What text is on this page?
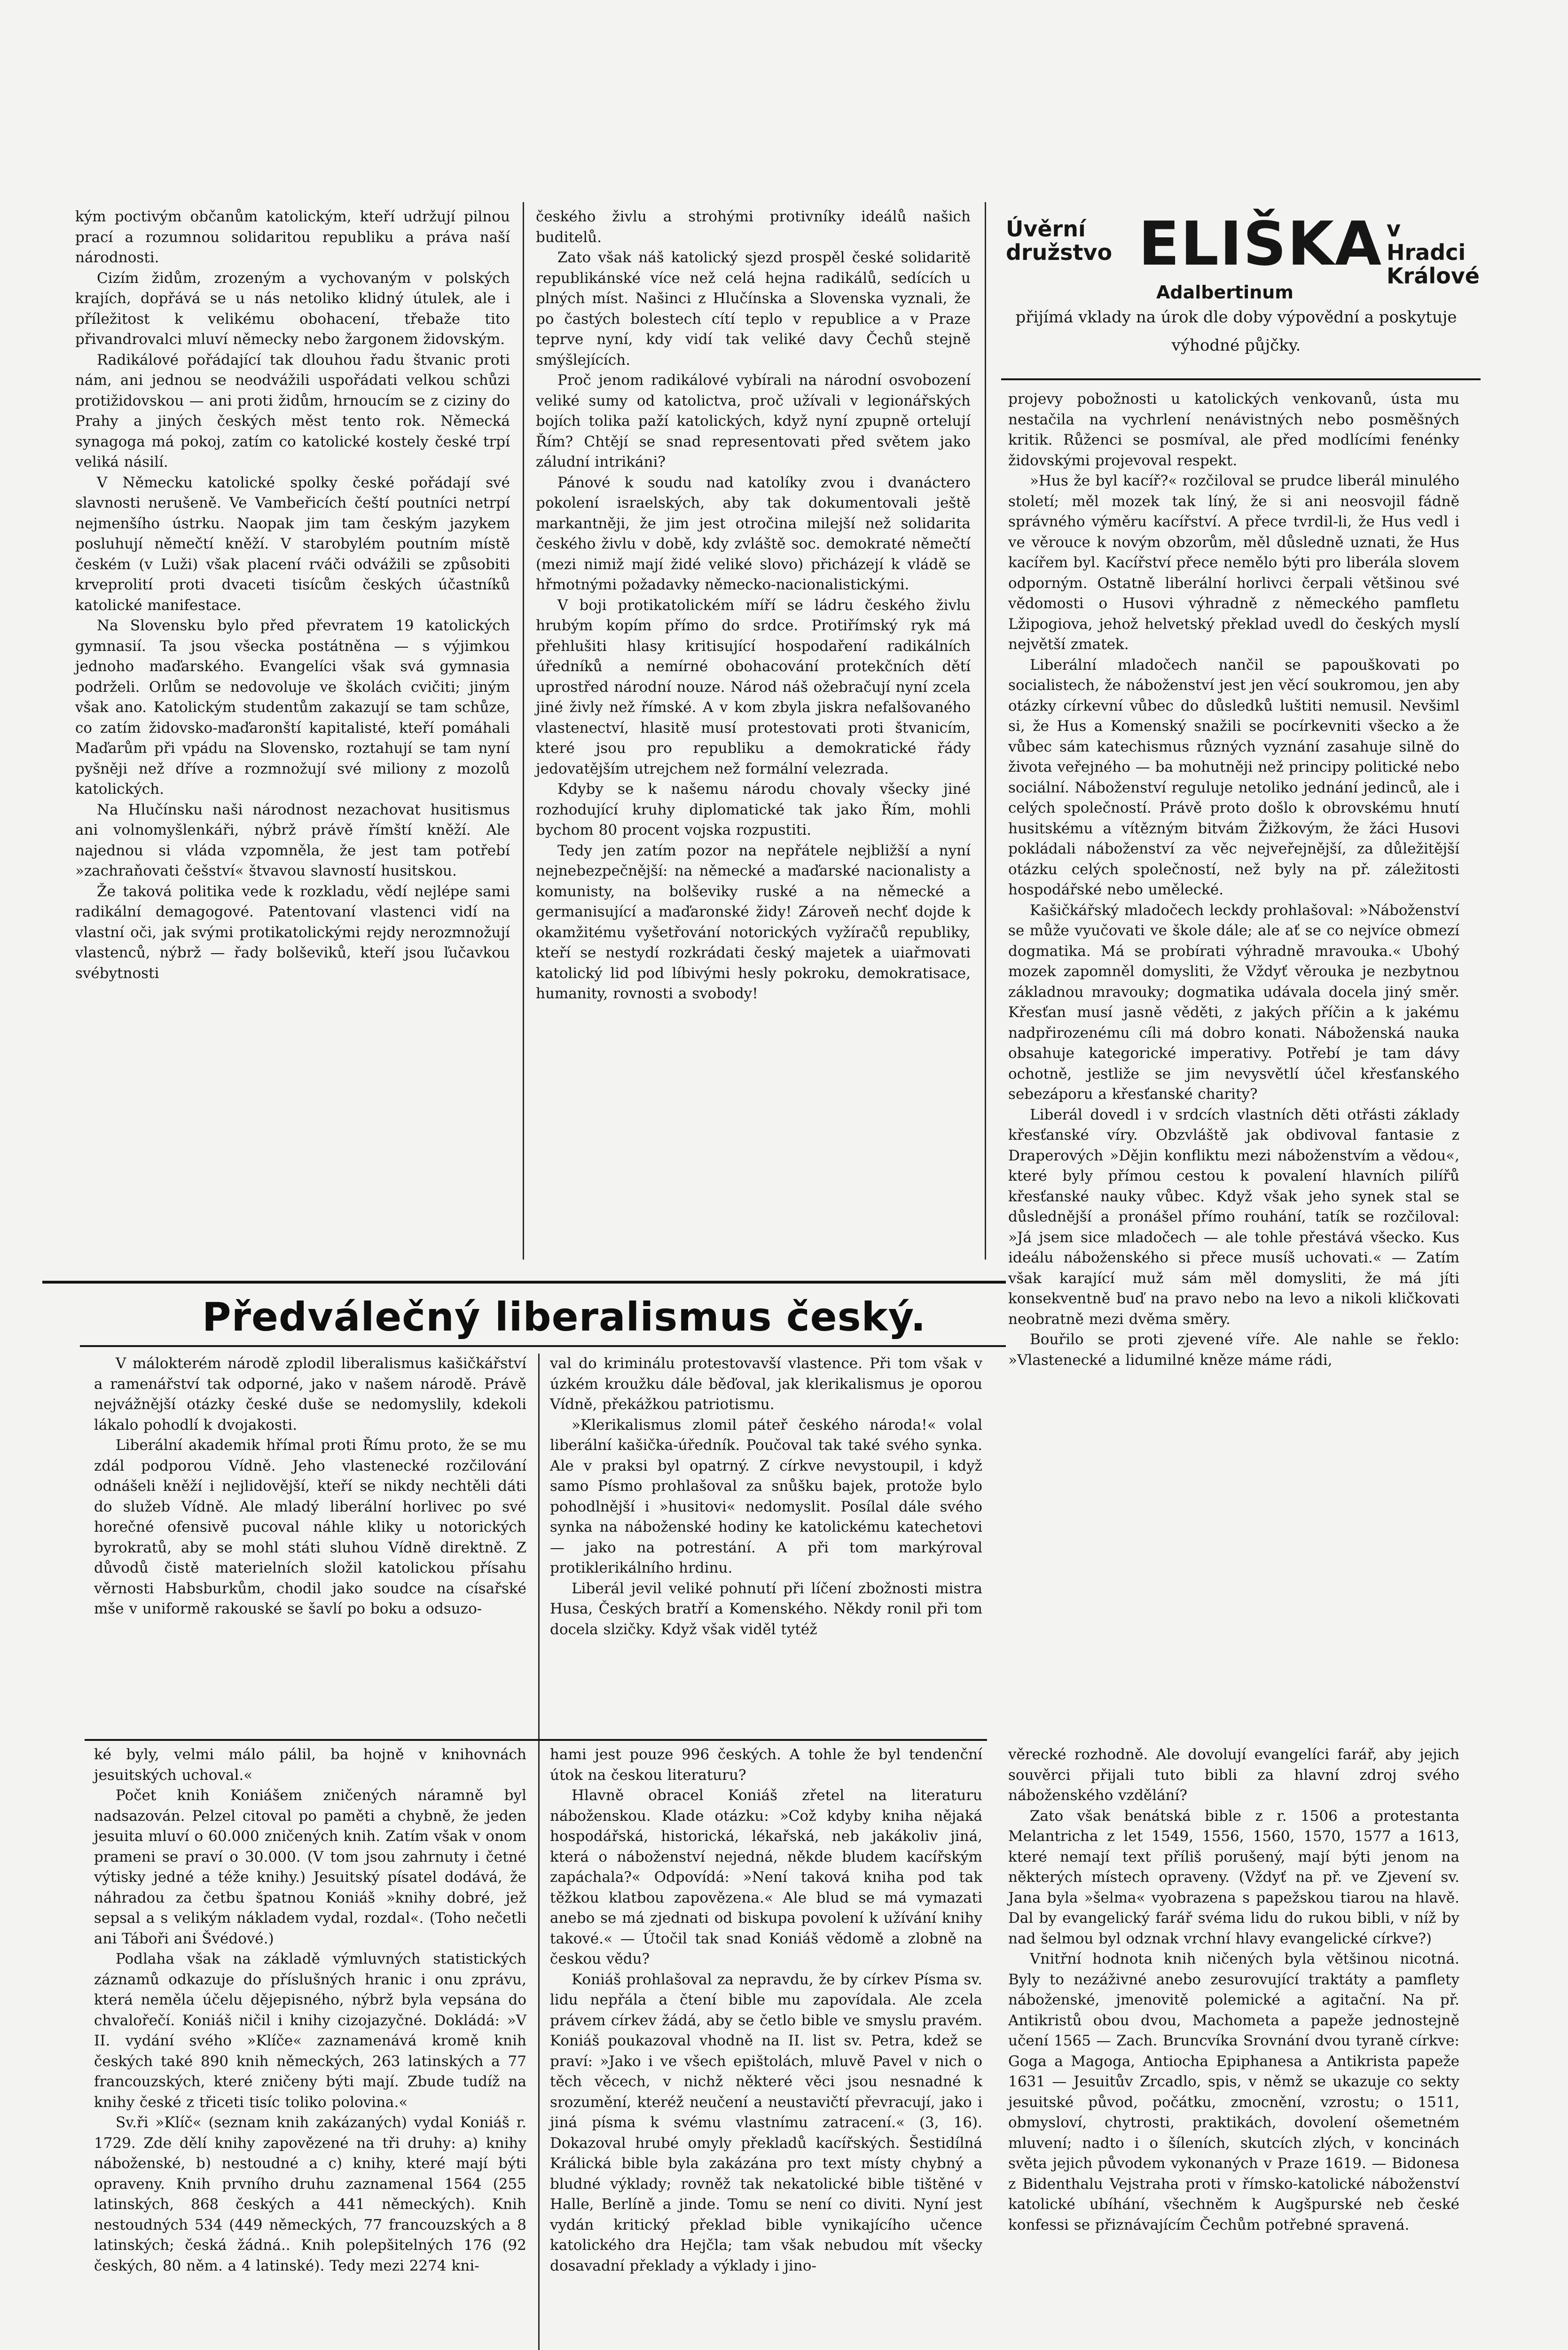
kým poctivým občanům katolickým, kteří udržují pilnou prací a rozumnou solidaritou republiku a práva naší národnosti.

Cizím židům, zrozeným a vychovaným v polských krajích, dopřává se u nás netoliko klidný útulek, ale i příležitost k velikému obohacení, třebaže tito přivandrovalci mluví německy nebo žargonem židovským.

Radikálové pořádající tak dlouhou řadu štvanic proti nám, ani jednou se neodvážili uspořádati velkou schůzi protižidovskou — ani proti židům, hrnoucím se z ciziny do Prahy a jiných českých měst tento rok. Německá synagoga má pokoj, zatím co katolické kostely české trpí veliká násilí.

V Německu katolické spolky české pořádají své slavnosti nerušeně. Ve Vambeřicích čeští poutníci netrpí nejmenšího ústrku. Naopak jim tam českým jazykem posluhují němečtí kněží. V starobylém poutním místě českém (v Luži) však placení rváči odvážili se způsobiti krveprolití proti dvaceti tisícům českých účastníků katolické manifestace.

Na Slovensku bylo před převratem 19 katolických gymnasií. Ta jsou všecka postátněna — s výjimkou jednoho maďarského. Evangelíci však svá gymnasia podrželi. Orlům se nedovoluje ve školách cvičiti; jiným však ano. Katolickým studentům zakazují se tam schůze, co zatím židovsko-maďaronští kapitalisté, kteří pomáhali Maďarům při vpádu na Slovensko, roztahují se tam nyní pyšněji než dříve a rozmnožují své miliony z mozolů katolických.

Na Hlučínsku naši národnost nezachovat husitismus ani volnomyšlenkáři, nýbrž právě římští kněží. Ale najednou si vláda vzpomněla, že jest tam potřebí »zachraňovati češství« štvavou slavností husitskou.

Že taková politika vede k rozkladu, vědí nejlépe sami radikální demagogové. Patentovaní vlastenci vidí na vlastní oči, jak svými protikatolickými rejdy nerozmnožují vlastenců, nýbrž — řady bolševiků, kteří jsou ľučavkou svébytnosti

českého živlu a strohými protivníky ideálů našich buditelů.

Zato však náš katolický sjezd prospěl české solidaritě republikánské více než celá hejna radikálů, sedících u plných míst. Našinci z Hlučínska a Slovenska vyznali, že po častých bolestech cítí teplo v republice a v Praze teprve nyní, kdy vidí tak veliké davy Čechů stejně smýšlejících.

Proč jenom radikálové vybírali na národní osvobození veliké sumy od katolictva, proč užívali v legionářských bojích tolika paží katolických, když nyní zpupně ortelují Řím? Chtějí se snad representovati před světem jako záludní intrikáni?

Pánové k soudu nad katolíky zvou i dvanáctero pokolení israelských, aby tak dokumentovali ještě markantněji, že jim jest otročina milejší než solidarita českého živlu v době, kdy zvláště soc. demokraté němečtí (mezi nimiž mají židé veliké slovo) přicházejí k vládě se hřmotnými požadavky německo-nacionalistickými.

V boji protikatolickém míří se ládru českého živlu hrubým kopím přímo do srdce. Protiřímský ryk má přehlušiti hlasy kritisující hospodaření radikálních úředníků a nemírné obohacování protekčních dětí uprostřed národní nouze. Národ náš ožebračují nyní zcela jiné živly než římské. A v kom zbyla jiskra nefalšovaného vlastenectví, hlasitě musí protestovati proti štvanicím, které jsou pro republiku a demokratické řády jedovatějším utrejchem než formální velezrada.

Kdyby se k našemu národu chovaly všecky jiné rozhodující kruhy diplomatické tak jako Řím, mohli bychom 80 procent vojska rozpustiti.

Tedy jen zatím pozor na nepřátele nejbližší a nyní nejnebezpečnější: na německé a maďarské nacionalisty a komunisty, na bolševiky ruské a na německé a germanisující a maďaronské židy! Zároveň nechť dojde k okamžitému vyšetřování notorických vyžíračů republiky, kteří se nestydí rozkrádati český majetek a uiařmovati katolický lid pod líbivými hesly pokroku, demokratisace, humanity, rovnosti a svobody!

Úvěrní
družstvo ELIŠKA v Hradci
Králové
Adalbertinum
přijímá vklady na úrok dle doby výpovědní a poskytuje výhodné půjčky.

projevy pobožnosti u katolických venkovanů, ústa mu nestačila na vychrlení nenávistných nebo posměšných kritik. Růženci se posmíval, ale před modlícími fenénky židovskými projevoval respekt.

»Hus že byl kacíř?« rozčiloval se prudce liberál minulého století; měl mozek tak líný, že si ani neosvojil fádně správného výměru kacířství. A přece tvrdil-li, že Hus vedl i ve věrouce k novým obzorům, měl důsledně uznati, že Hus kacířem byl. Kacířství přece nemělo býti pro liberála slovem odporným. Ostatně liberální horlivci čerpali většinou své vědomosti o Husovi výhradně z německého pamfletu Lžipogiova, jehož helvetský překlad uvedl do českých myslí největší zmatek.

Liberální mladočech nančil se papouškovati po socialistech, že náboženství jest jen věcí soukromou, jen aby otázky církevní vůbec do důsledků luštiti nemusil. Nevšiml si, že Hus a Komenský snažili se pocírkevniti všecko a že vůbec sám katechismus různých vyznání zasahuje silně do života veřejného — ba mohutněji než principy politické nebo sociální. Náboženství reguluje netoliko jednání jedinců, ale i celých společností. Právě proto došlo k obrovskému hnutí husitskému a vítězným bitvám Žižkovým, že žáci Husovi pokládali náboženství za věc nejveřejnější, za důležitější otázku celých společností, než byly na př. záležitosti hospodářské nebo umělecké.

Kašičkářský mladočech leckdy prohlašoval: »Náboženství se může vyučovati ve škole dále; ale ať se co nejvíce obmezí dogmatika. Má se probírati výhradně mravouka.« Ubohý mozek zapomněl domysliti, že Vždyť věrouka je nezbytnou základnou mravouky; dogmatika udávala docela jiný směr. Křesťan musí jasně věděti, z jakých příčin a k jakému nadpřirozenému cíli má dobro konati. Náboženská nauka obsahuje kategorické imperativy. Potřebí je tam dávy ochotně, jestliže se jim nevysvětlí účel křesťanského sebezáporu a křesťanské charity?

Liberál dovedl i v srdcích vlastních děti otřásti základy křesťanské víry. Obzvláště jak obdivoval fantasie z Draperových »Dějin konfliktu mezi náboženstvím a vědou«, které byly přímou cestou k povalení hlavních pilířů křesťanské nauky vůbec. Když však jeho synek stal se důslednější a pronášel přímo rouhání, tatík se rozčiloval: »Já jsem sice mladočech — ale tohle přestává všecko. Kus ideálu náboženského si přece musíš uchovati.« — Zatím však karající muž sám měl domysliti, že má jíti konsekventně buď na pravo nebo na levo a nikoli kličkovati neobratně mezi dvěma směry.

Bouřilo se proti zjevené víře. Ale nahle se řeklo: »Vlastenecké a lidumilné kněze máme rádi,

Předválečný liberalismus český.

V málokterém národě zplodil liberalismus kašičkářství a ramenářství tak odporné, jako v našem národě. Právě nejvážnější otázky české duše se nedomyslily, kdekoli lákalo pohodlí k dvojakosti.

Liberální akademik hřímal proti Římu proto, že se mu zdál podporou Vídně. Jeho vlastenecké rozčilování odnášeli kněží i nejlidovější, kteří se nikdy nechtěli dáti do služeb Vídně. Ale mladý liberální horlivec po své horečné ofensivě pucoval náhle kliky u notorických byrokratů, aby se mohl státi sluhou Vídně direktně. Z důvodů čistě materielních složil katolickou přísahu věrnosti Habsburkům, chodil jako soudce na císařské mše v uniformě rakouské se šavlí po boku a odsuzo-

val do kriminálu protestovavší vlastence. Při tom však v úzkém kroužku dále běďoval, jak klerikalismus je oporou Vídně, překážkou patriotismu.

»Klerikalismus zlomil páteř českého národa!« volal liberální kašička-úředník. Poučoval tak také svého synka. Ale v praksi byl opatrný. Z církve nevystoupil, i když samo Písmo prohlašoval za snůšku bajek, protože bylo pohodlnější i »husitovi« nedomyslit. Posílal dále svého synka na náboženské hodiny ke katolickému katechetovi — jako na potrestání. A při tom markýroval protiklerikálního hrdinu.

Liberál jevil veliké pohnutí při líčení zbožnosti mistra Husa, Českých bratří a Komenského. Někdy ronil při tom docela slzičky. Když však viděl tytéž

ké byly, velmi málo pálil, ba hojně v knihovnách jesuitských uchoval.«

Počet knih Koniášem zničených náramně byl nadsazován. Pelzel citoval po paměti a chybně, že jeden jesuita mluví o 60.000 zničených knih. Zatím však v onom prameni se praví o 30.000. (V tom jsou zahrnuty i četné výtisky jedné a téže knihy.) Jesuitský písatel dodává, že náhradou za četbu špatnou Koniáš »knihy dobré, jež sepsal a s velikým nákladem vydal, rozdal«. (Toho nečetli ani Táboři ani Švédové.)

Podlaha však na základě výmluvných statistických záznamů odkazuje do příslušných hranic i onu zprávu, která neměla účelu dějepisného, nýbrž byla vepsána do chvalořečí. Koniáš ničil i knihy cizojazyčné. Dokládá: »V II. vydání svého »Klíče« zaznamenává kromě knih českých také 890 knih německých, 263 latinských a 77 francouzských, které zničeny býti mají. Zbude tudíž na knihy české z třiceti tisíc toliko polovina.«

Sv.ři »Klíč« (seznam knih zakázaných) vydal Koniáš r. 1729. Zde dělí knihy zapovězené na tři druhy: a) knihy náboženské, b) nestoudné a c) knihy, které mají býti opraveny. Knih prvního druhu zaznamenal 1564 (255 latinských, 868 českých a 441 německých). Knih nestoudných 534 (449 německých, 77 francouzských a 8 latinských; česká žádná.. Knih polepšitelných 176 (92 českých, 80 něm. a 4 latinské). Tedy mezi 2274 kni-

hami jest pouze 996 českých. A tohle že byl tendenční útok na českou literaturu?

Hlavně obracel Koniáš zřetel na literaturu náboženskou. Klade otázku: »Což kdyby kniha nějaká hospodářská, historická, lékařská, neb jakákoliv jiná, která o náboženství nejedná, někde bludem kacířským zapáchala?« Odpovídá: »Není taková kniha pod tak těžkou klatbou zapovězena.« Ale blud se má vymazati anebo se má zjednati od biskupa povolení k užívání knihy takové.« — Útočil tak snad Koniáš vědomě a zlobně na českou vědu?

Koniáš prohlašoval za nepravdu, že by církev Písma sv. lidu nepřála a čtení bible mu zapovídala. Ale zcela právem církev žádá, aby se četlo bible ve smyslu pravém. Koniáš poukazoval vhodně na II. list sv. Petra, kdež se praví: »Jako i ve všech epištolách, mluvě Pavel v nich o těch věcech, v nichž některé věci jsou nesnadné k srozumění, kteréž neučení a neustavičtí převracují, jako i jiná písma k svému vlastnímu zatracení.« (3, 16). Dokazoval hrubé omyly překladů kacířských. Šestidílná Králická bible byla zakázána pro text místy chybný a bludné výklady; rovněž tak nekatolické bible tištěné v Halle, Berlíně a jinde. Tomu se není co diviti. Nyní jest vydán kritický překlad bible vynikajícího učence katolického dra Hejčla; tam však nebudou mít všecky dosavadní překlady a výklady i jino-

věrecké rozhodně. Ale dovolují evangelíci farář, aby jejich souvěrci přijali tuto bibli za hlavní zdroj svého náboženského vzdělání?

Zato však benátská bible z r. 1506 a protestanta Melantricha z let 1549, 1556, 1560, 1570, 1577 a 1613, které nemají text příliš porušený, mají býti jenom na některých místech opraveny. (Vždyť na př. ve Zjevení sv. Jana byla »šelma« vyobrazena s papežskou tiarou na hlavě. Dal by evangelický farář svéma lidu do rukou bibli, v níž by nad šelmou byl odznak vrchní hlavy evangelické církve?)

Vnitřní hodnota knih ničených byla většinou nicotná. Byly to nezáživné anebo zesurovující traktáty a pamflety náboženské, jmenovitě polemické a agitační. Na př. Antikristů obou dvou, Machometa a papeže jednostejně učení 1565 — Zach. Bruncvíka Srovnání dvou tyraně církve: Goga a Magoga, Antiocha Epiphanesa a Antikrista papeže 1631 — Jesuitův Zrcadlo, spis, v němž se ukazuje co sekty jesuitské původ, počátku, zmocnění, vzrostu; o 1511, obmysloví, chytrosti, praktikách, dovolení ošemetném mluvení; nadto i o šíleních, skutcích zlých, v koncinách světa jejich původem vykonaných v Praze 1619. — Bidonesa z Bidenthalu Vejstraha proti v římsko-katolické náboženství katolické ubíhání, všechněm k Augšpurské neb české konfessi se přiznávajícím Čechům potřebné spravená.
